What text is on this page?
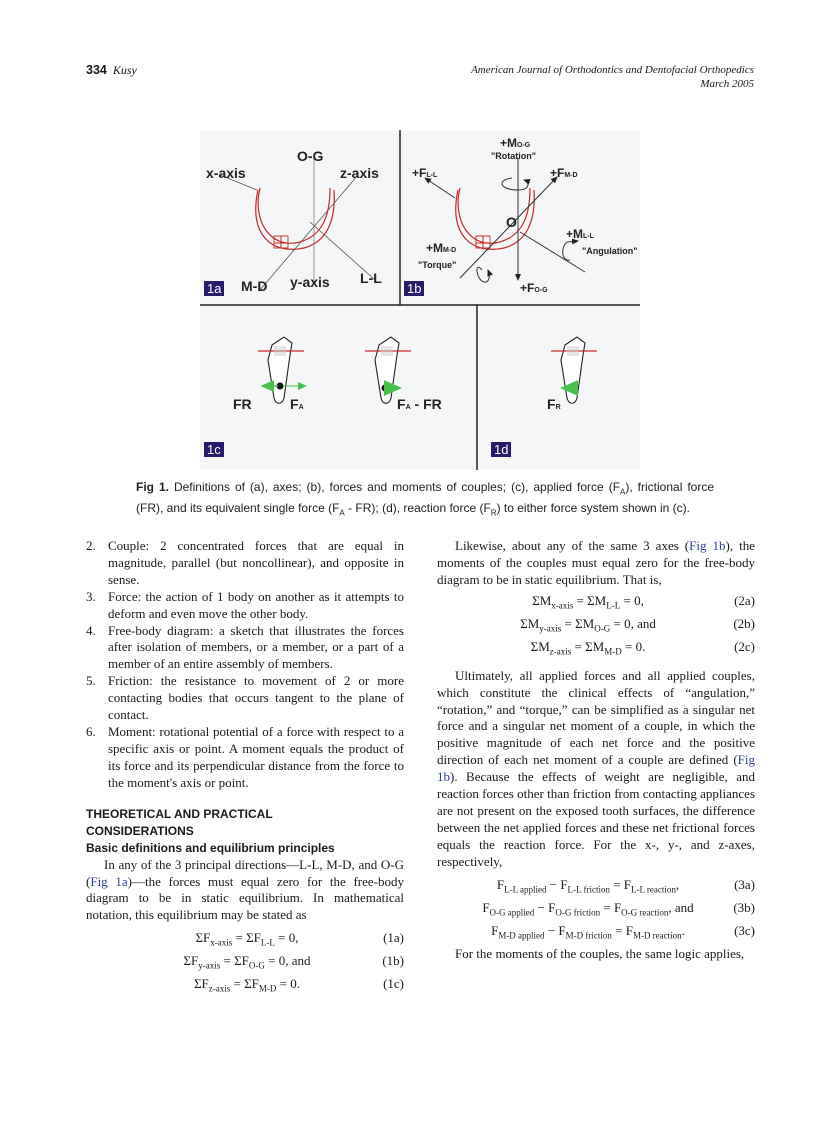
334 Kusy	American Journal of Orthodontics and Dentofacial Orthopedics
March 2005
O-G
x-axis	z-axis
M-D y-axis L-L
1a
+MO-G
"Rotation"
+FL-L	+FM-D
O
+ML-L
"Angulation"
+MM-D
"Torque"
+FO-G
1b
FR	FA	FA - FR
1c
FR
1d
Fig 1. Definitions of (a), axes; (b), forces and moments of couples; (c), applied force $(F_A)$, frictional force (FR), and its equivalent single force $(F_A - FR)$; (d), reaction force $(F_R)$ to either force system shown in (c).
2. Couple: 2 concentrated forces that are equal in magnitude, parallel (but noncollinear), and opposite in sense.
3. Force: the action of 1 body on another as it attempts to deform and even move the other body.
4. Free-body diagram: a sketch that illustrates the forces after isolation of members, or a member, or a part of a member of an entire assembly of members.
5. Friction: the resistance to movement of 2 or more contacting bodies that occurs tangent to the plane of contact.
6. Moment: rotational potential of a force with respect to a specific axis or point. A moment equals the product of its force and its perpendicular distance from the force to the moment's axis or point.
THEORETICAL AND PRACTICAL
CONSIDERATIONS
Basic definitions and equilibrium principles

In any of the 3 principal directions—L-L, M-D, and O-G (Fig 1a)—the forces must equal zero for the free-body diagram to be in static equilibrium. In mathematical notation, this equilibrium may be stated as

$\Sigma F_{x-axis} = \Sigma F_{L-L} = 0$,	(1a)
$\Sigma F_{y-axis} = \Sigma F_{O-G} = 0$, and	(1b)
$\Sigma F_{z-axis} = \Sigma F_{M-D} = 0$.	(1c)

Likewise, about any of the same 3 axes (Fig 1b), the moments of the couples must equal zero for the free-body diagram to be in static equilibrium. That is,

$\Sigma M_{x-axis} = \Sigma M_{L-L} = 0$,	(2a)
$\Sigma M_{y-axis} = \Sigma M_{O-G} = 0$, and	(2b)
$\Sigma M_{z-axis} = \Sigma M_{M-D} = 0$.	(2c)

Ultimately, all applied forces and all applied couples, which constitute the clinical effects of “angulation,” “rotation,” and “torque,” can be simplified as a singular net force and a singular net moment of a couple, in which the positive magnitude of each net force and the positive direction of each net moment of a couple are defined (Fig 1b). Because the effects of weight are negligible, and reaction forces other than friction from contacting appliances are not present on the exposed tooth surfaces, the difference between the net applied forces and these net frictional forces equals the reaction force. For the x-, y-, and z-axes, respectively,

$F_{L-L applied} - F_{L-L friction} = F_{L-L reaction}$,	(3a)
$F_{O-G applied} - F_{O-G friction} = F_{O-G reaction}$, and	(3b)
$F_{M-D applied} - F_{M-D friction} = F_{M-D reaction}$.	(3c)

For the moments of the couples, the same logic applies,
